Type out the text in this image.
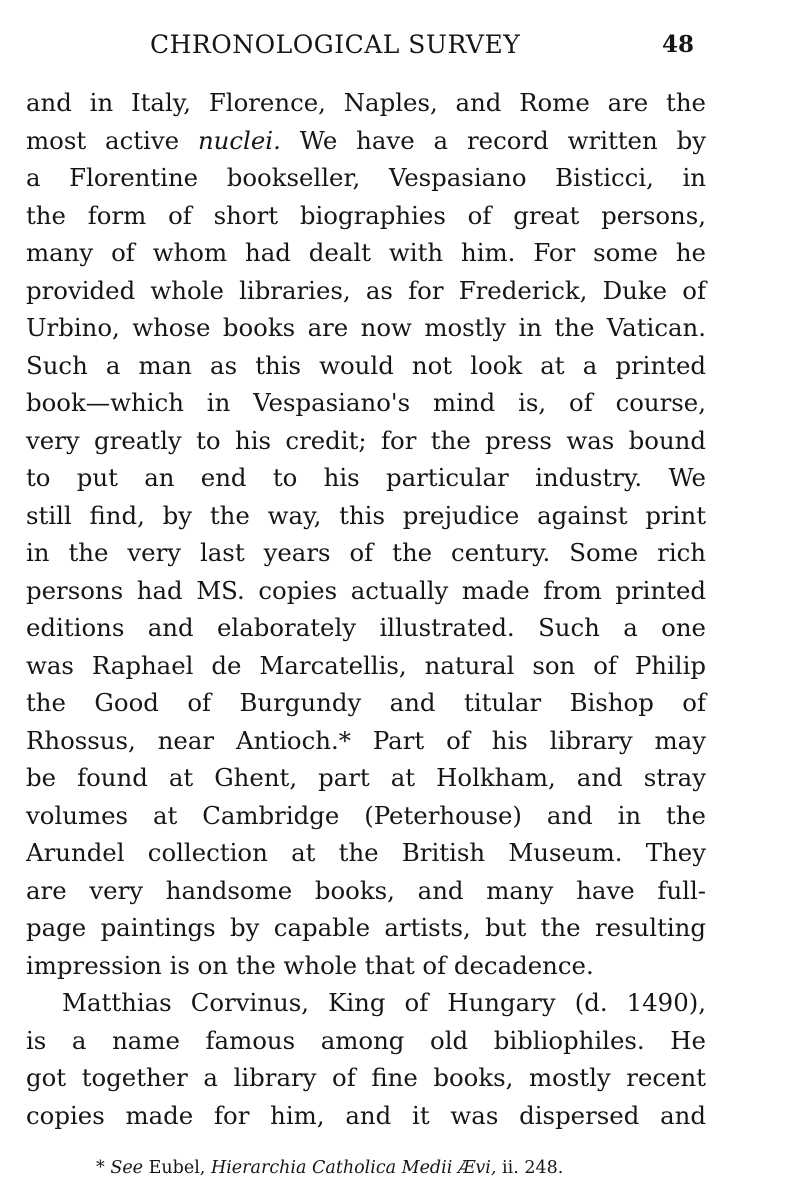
CHRONOLOGICAL SURVEY	48
and in Italy, Florence, Naples, and Rome are the
most active nuclei. We have a record written by
a Florentine bookseller, Vespasiano Bisticci, in
the form of short biographies of great persons,
many of whom had dealt with him. For some he
provided whole libraries, as for Frederick, Duke of
Urbino, whose books are now mostly in the Vatican.
Such a man as this would not look at a printed
book—which in Vespasiano's mind is, of course,
very greatly to his credit; for the press was bound
to put an end to his particular industry. We
still find, by the way, this prejudice against print
in the very last years of the century. Some rich
persons had MS. copies actually made from printed
editions and elaborately illustrated. Such a one
was Raphael de Marcatellis, natural son of Philip
the Good of Burgundy and titular Bishop of
Rhossus, near Antioch.* Part of his library may
be found at Ghent, part at Holkham, and stray
volumes at Cambridge (Peterhouse) and in the
Arundel collection at the British Museum. They
are very handsome books, and many have full-
page paintings by capable artists, but the resulting
impression is on the whole that of decadence.
Matthias Corvinus, King of Hungary (d. 1490),
is a name famous among old bibliophiles. He
got together a library of fine books, mostly recent
copies made for him, and it was dispersed and
* See Eubel, Hierarchia Catholica Medii Ævi, ii. 248.
